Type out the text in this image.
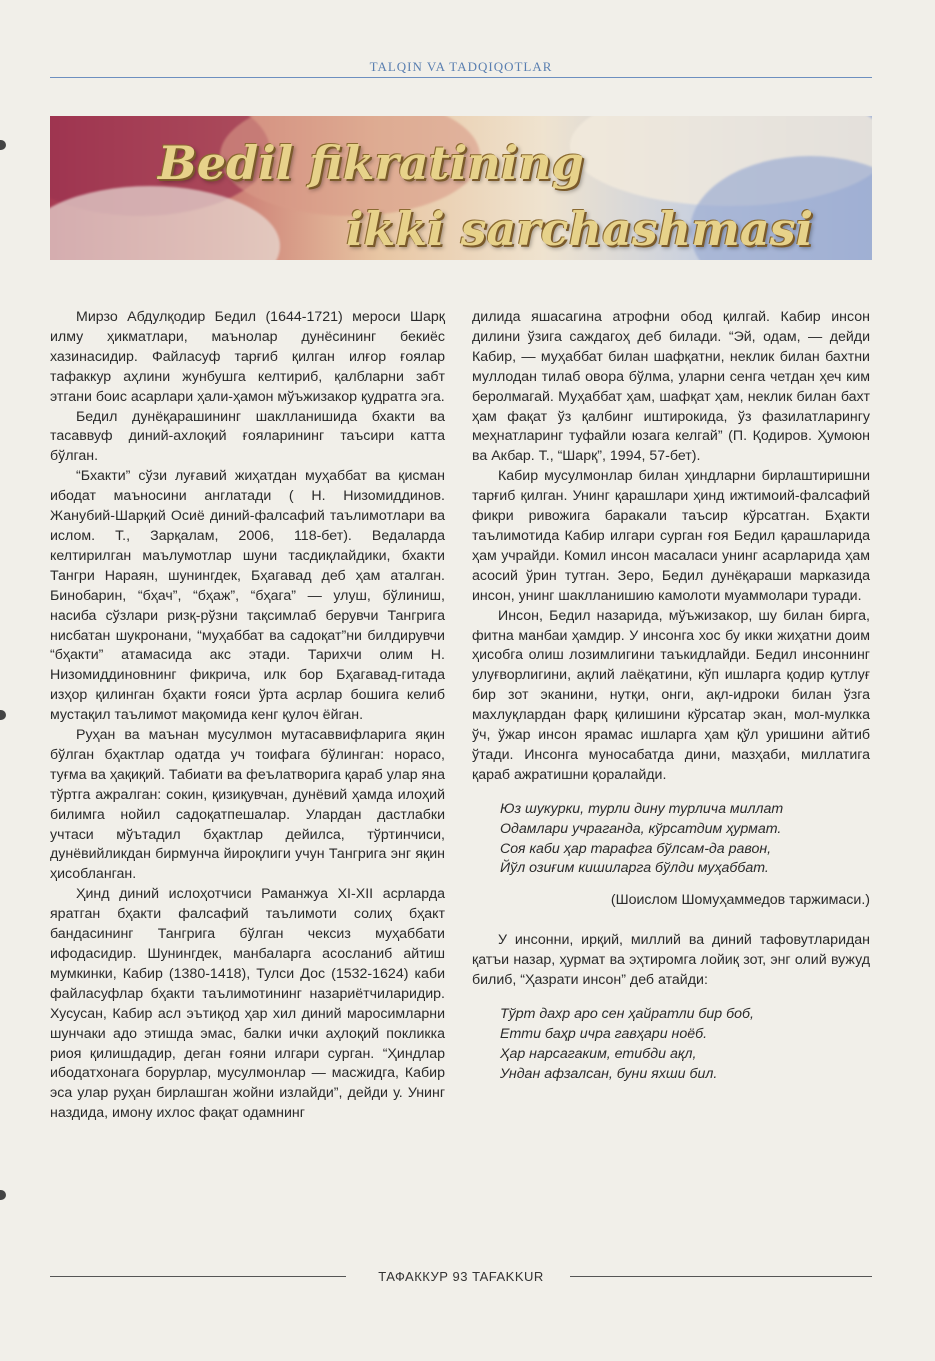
TALQIN VA TADQIQOTLAR
Bedil fikratining
ikki sarchashmasi

Мирзо Абдулқодир Бедил (1644-1721) мероси Шарқ илму ҳикматлари, маънолар дунёсининг бекиёс хазинасидир. Файласуф тарғиб қилган илғор ғоялар тафаккур аҳлини жунбушга келтириб, қалбларни забт этгани боис асарлари ҳали-ҳамон мўъжизакор қудратга эга.

Бедил дунёқарашининг шаклланишида бхакти ва тасаввуф диний-ахлоқий ғояларининг таъсири катта бўлган.

“Бхакти” сўзи луғавий жиҳатдан муҳаббат ва қисман ибодат маъносини англатади ( Н. Низомиддинов. Жанубий-Шарқий Осиё диний-фалсафий таълимотлари ва ислом. Т., Зарқалам, 2006, 118-бет). Ведаларда келтирилган маълумотлар шуни тасдиқлайдики, бхакти Тангри Нараян, шунингдек, Бҳагавад деб ҳам аталган. Бинобарин, “бҳач”, “бҳаж”, “бҳага” — улуш, бўлиниш, насиба сўзлари ризқ-рўзни тақсимлаб берувчи Тангрига нисбатан шукронани, “муҳаббат ва садоқат”ни билдирувчи “бҳакти” атамасида акс этади. Тарихчи олим Н. Низомиддиновнинг фикрича, илк бор Бҳагавад-гитада изҳор қилинган бҳакти ғояси ўрта асрлар бошига келиб мустақил таълимот мақомида кенг қулоч ёйган.

Руҳан ва маънан мусулмон мутасаввифларига яқин бўлган бҳактлар одатда уч тоифага бўлинган: норасо, туғма ва ҳақиқий. Табиати ва феълатворига қараб улар яна тўртга ажралган: сокин, қизиқувчан, дунёвий ҳамда илоҳий билимга нойил садоқатпешалар. Улардан дастлабки учтаси мўътадил бҳактлар дейилса, тўртинчиси, дунёвийликдан бирмунча йироқлиги учун Тангрига энг яқин ҳисобланган.

Ҳинд диний ислоҳотчиси Раманжуа XI-XII асрларда яратган бҳакти фалсафий таълимоти солиҳ бҳакт бандасининг Тангрига бўлган чексиз муҳаббати ифодасидир. Шунингдек, манбаларга асосланиб айтиш мумкинки, Кабир (1380-1418), Тулси Дос (1532-1624) каби файласуфлар бҳакти таълимотининг назариётчиларидир. Хусусан, Кабир асл эътиқод ҳар хил диний маросимларни шунчаки адо этишда эмас, балки ички аҳлоқий покликка риоя қилишдадир, деган ғояни илгари сурган. “Ҳиндлар ибодатхонага борурлар, мусулмонлар — масжидга, Кабир эса улар руҳан бирлашган жойни излайди”, дейди у. Унинг наздида, имону ихлос фақат одамнинг

дилида яшасагина атрофни обод қилгай. Кабир инсон дилини ўзига саждагоҳ деб билади. “Эй, одам, — дейди Кабир, — муҳаббат билан шафқатни, неклик билан бахтни муллодан тилаб овора бўлма, уларни сенга четдан ҳеч ким беролмагай. Муҳаббат ҳам, шафқат ҳам, неклик билан бахт ҳам фақат ўз қалбинг иштирокида, ўз фазилатларингу меҳнатларинг туфайли юзага келгай” (П. Қодиров. Ҳумоюн ва Акбар. Т., “Шарқ”, 1994, 57-бет).

Кабир мусулмонлар билан ҳиндларни бирлаштиришни тарғиб қилган. Унинг қарашлари ҳинд ижтимоий-фалсафий фикри ривожига баракали таъсир кўрсатган. Бҳакти таълимотида Кабир илгари сурган ғоя Бедил қарашларида ҳам учрайди. Комил инсон масаласи унинг асарларида ҳам асосий ўрин тутган. Зеро, Бедил дунёқараши марказида инсон, унинг шаклланишию камолоти муаммолари туради.

Инсон, Бедил назарида, мўъжизакор, шу билан бирга, фитна манбаи ҳамдир. У инсонга хос бу икки жиҳатни доим ҳисобга олиш лозимлигини таъкидлайди. Бедил инсоннинг улуғворлигини, ақлий лаёқатини, кўп ишларга қодир қутлуғ бир зот эканини, нутқи, онги, ақл-идроки билан ўзга махлуқлардан фарқ қилишини кўрсатар экан, мол-мулкка ўч, ўжар инсон ярамас ишларга ҳам қўл уришини айтиб ўтади. Инсонга муносабатда дини, мазҳаби, миллатига қараб ажратишни қоралайди.

Юз шукурки, турли дину турлича миллат
Одамлари учраганда, кўрсатдим ҳурмат.
Соя каби ҳар тарафга бўлсам-да равон,
Йўл озиғим кишиларга бўлди муҳаббат.
(Шоислом Шомуҳаммедов таржимаси.)

У инсонни, ирқий, миллий ва диний тафовутларидан қатъи назар, ҳурмат ва эҳтиромга лойиқ зот, энг олий вужуд билиб, “Ҳазрати инсон” деб атайди:

Тўрт дахр аро сен ҳайратли бир боб,
Етти баҳр ичра гавҳари ноёб.
Ҳар нарсагаким, етибди ақл,
Ундан афзалсан, буни яхши бил.
ТАФАККУР 93 TAFAKKUR
